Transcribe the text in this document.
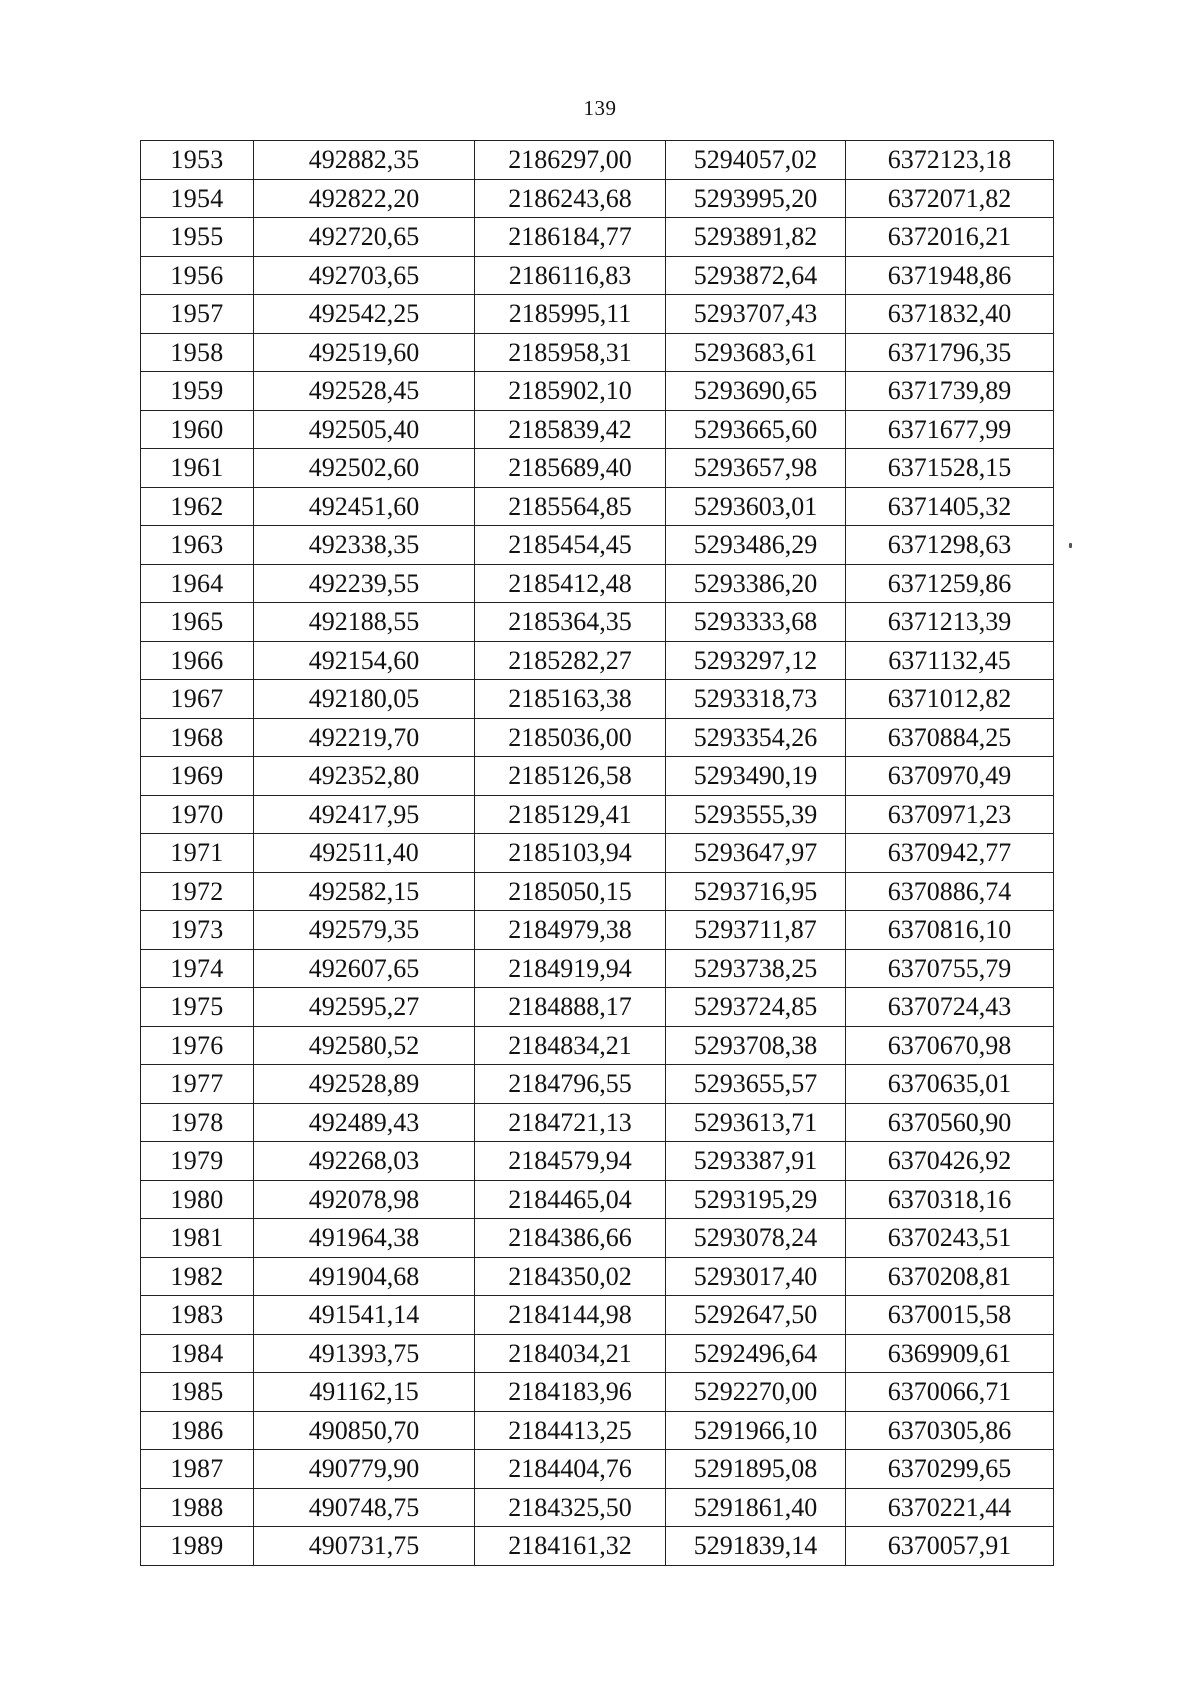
139
1953	492882,35	2186297,00	5294057,02	6372123,18
1954	492822,20	2186243,68	5293995,20	6372071,82
1955	492720,65	2186184,77	5293891,82	6372016,21
1956	492703,65	2186116,83	5293872,64	6371948,86
1957	492542,25	2185995,11	5293707,43	6371832,40
1958	492519,60	2185958,31	5293683,61	6371796,35
1959	492528,45	2185902,10	5293690,65	6371739,89
1960	492505,40	2185839,42	5293665,60	6371677,99
1961	492502,60	2185689,40	5293657,98	6371528,15
1962	492451,60	2185564,85	5293603,01	6371405,32
1963	492338,35	2185454,45	5293486,29	6371298,63
1964	492239,55	2185412,48	5293386,20	6371259,86
1965	492188,55	2185364,35	5293333,68	6371213,39
1966	492154,60	2185282,27	5293297,12	6371132,45
1967	492180,05	2185163,38	5293318,73	6371012,82
1968	492219,70	2185036,00	5293354,26	6370884,25
1969	492352,80	2185126,58	5293490,19	6370970,49
1970	492417,95	2185129,41	5293555,39	6370971,23
1971	492511,40	2185103,94	5293647,97	6370942,77
1972	492582,15	2185050,15	5293716,95	6370886,74
1973	492579,35	2184979,38	5293711,87	6370816,10
1974	492607,65	2184919,94	5293738,25	6370755,79
1975	492595,27	2184888,17	5293724,85	6370724,43
1976	492580,52	2184834,21	5293708,38	6370670,98
1977	492528,89	2184796,55	5293655,57	6370635,01
1978	492489,43	2184721,13	5293613,71	6370560,90
1979	492268,03	2184579,94	5293387,91	6370426,92
1980	492078,98	2184465,04	5293195,29	6370318,16
1981	491964,38	2184386,66	5293078,24	6370243,51
1982	491904,68	2184350,02	5293017,40	6370208,81
1983	491541,14	2184144,98	5292647,50	6370015,58
1984	491393,75	2184034,21	5292496,64	6369909,61
1985	491162,15	2184183,96	5292270,00	6370066,71
1986	490850,70	2184413,25	5291966,10	6370305,86
1987	490779,90	2184404,76	5291895,08	6370299,65
1988	490748,75	2184325,50	5291861,40	6370221,44
1989	490731,75	2184161,32	5291839,14	6370057,91
